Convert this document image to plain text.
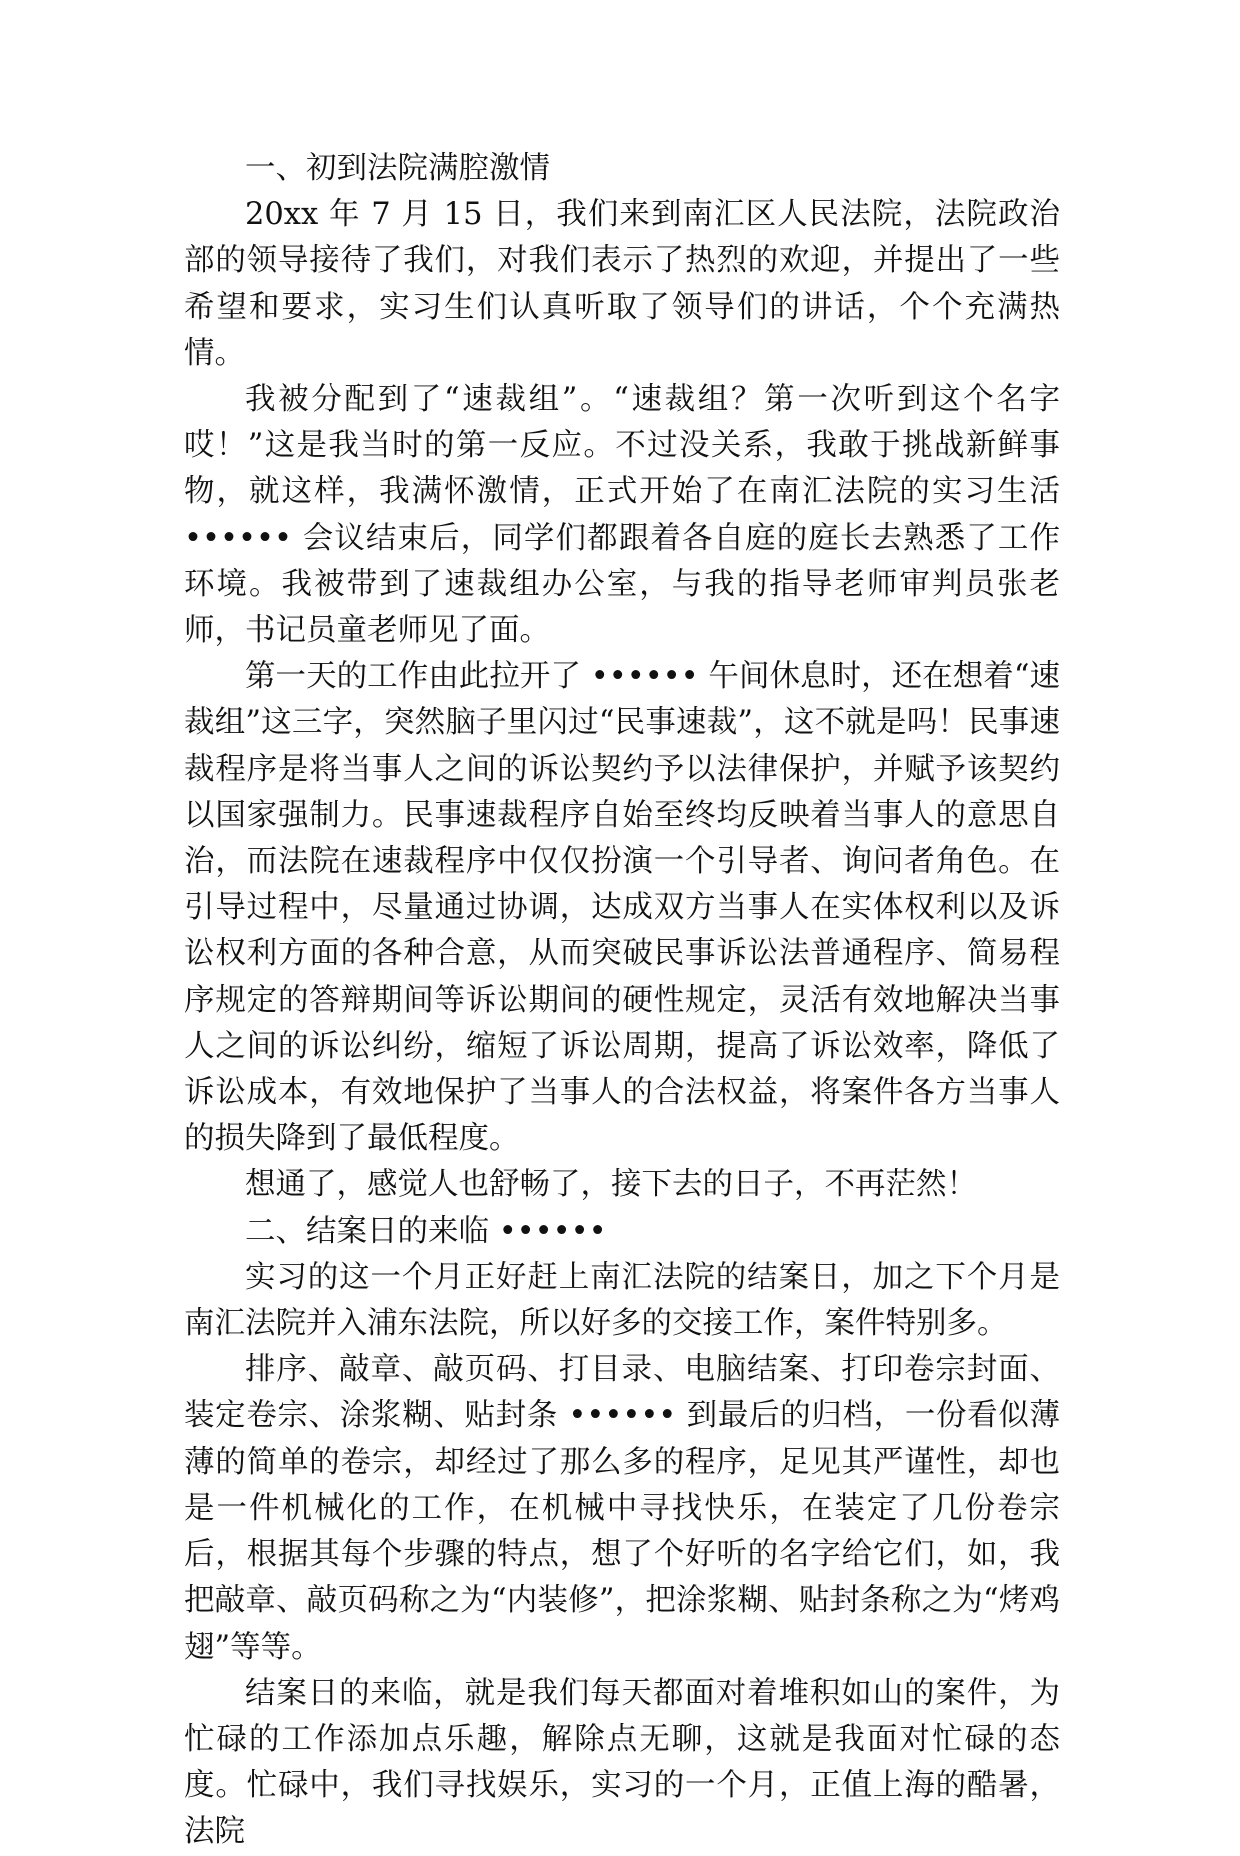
一、初到法院满腔激情

20xx 年 7 月 15 日，我们来到南汇区人民法院，法院政治部的领导接待了我们，对我们表示了热烈的欢迎，并提出了一些希望和要求，实习生们认真听取了领导们的讲话，个个充满热情。

我被分配到了“速裁组”。“速裁组？第一次听到这个名字哎！”这是我当时的第一反应。不过没关系，我敢于挑战新鲜事物，就这样，我满怀激情，正式开始了在南汇法院的实习生活 •••••• 会议结束后，同学们都跟着各自庭的庭长去熟悉了工作环境。我被带到了速裁组办公室，与我的指导老师审判员张老师，书记员童老师见了面。

第一天的工作由此拉开了 •••••• 午间休息时，还在想着“速裁组”这三字，突然脑子里闪过“民事速裁”，这不就是吗！民事速裁程序是将当事人之间的诉讼契约予以法律保护，并赋予该契约以国家强制力。民事速裁程序自始至终均反映着当事人的意思自治，而法院在速裁程序中仅仅扮演一个引导者、询问者角色。在引导过程中，尽量通过协调，达成双方当事人在实体权利以及诉讼权利方面的各种合意，从而突破民事诉讼法普通程序、简易程序规定的答辩期间等诉讼期间的硬性规定，灵活有效地解决当事人之间的诉讼纠纷，缩短了诉讼周期，提高了诉讼效率，降低了诉讼成本，有效地保护了当事人的合法权益，将案件各方当事人的损失降到了最低程度。

想通了，感觉人也舒畅了，接下去的日子，不再茫然！

二、结案日的来临 ••••••

实习的这一个月正好赶上南汇法院的结案日，加之下个月是南汇法院并入浦东法院，所以好多的交接工作，案件特别多。

排序、敲章、敲页码、打目录、电脑结案、打印卷宗封面、装定卷宗、涂浆糊、贴封条 •••••• 到最后的归档，一份看似薄薄的简单的卷宗，却经过了那么多的程序，足见其严谨性，却也是一件机械化的工作，在机械中寻找快乐，在装定了几份卷宗后，根据其每个步骤的特点，想了个好听的名字给它们，如，我把敲章、敲页码称之为“内装修”，把涂浆糊、贴封条称之为“烤鸡翅”等等。

结案日的来临，就是我们每天都面对着堆积如山的案件，为忙碌的工作添加点乐趣，解除点无聊，这就是我面对忙碌的态度。忙碌中，我们寻找娱乐，实习的一个月，正值上海的酷暑，法院
